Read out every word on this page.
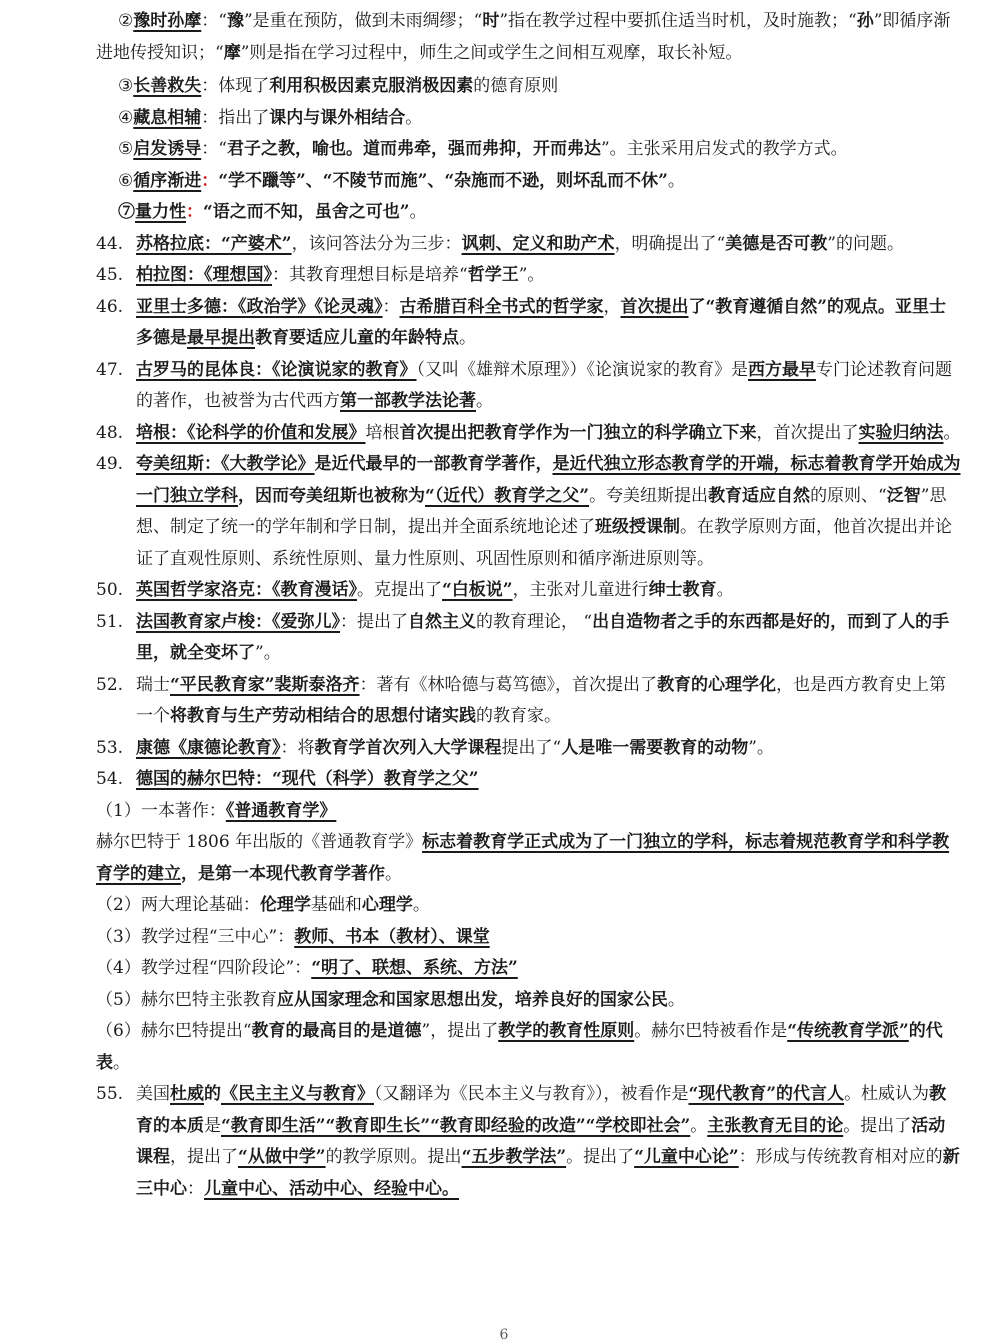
②豫时孙摩：“豫”是重在预防，做到未雨绸缪；“时”指在教学过程中要抓住适当时机，及时施教；“孙”即循序渐进地传授知识；“摩”则是指在学习过程中，师生之间或学生之间相互观摩，取长补短。

③长善救失：体现了利用积极因素克服消极因素的德育原则

④藏息相辅：指出了课内与课外相结合。

⑤启发诱导：“君子之教，喻也。道而弗牵，强而弗抑，开而弗达”。主张采用启发式的教学方式。

⑥循序渐进：“学不躐等”、“不陵节而施”、“杂施而不逊，则坏乱而不休”。

⑦量力性：“语之而不知，虽舍之可也”。

44. 苏格拉底：“产婆术”，该问答法分为三步：讽刺、定义和助产术，明确提出了“美德是否可教”的问题。

45. 柏拉图：《理想国》：其教育理想目标是培养“哲学王”。

46. 亚里士多德：《政治学》《论灵魂》：古希腊百科全书式的哲学家，首次提出了“教育遵循自然”的观点。亚里士多德是最早提出教育要适应儿童的年龄特点。

47. 古罗马的昆体良：《论演说家的教育》（又叫《雄辩术原理》）《论演说家的教育》是西方最早专门论述教育问题的著作，也被誉为古代西方第一部教学法论著。

48. 培根：《论科学的价值和发展》培根首次提出把教育学作为一门独立的科学确立下来，首次提出了实验归纳法。

49. 夸美纽斯：《大教学论》是近代最早的一部教育学著作，是近代独立形态教育学的开端，标志着教育学开始成为一门独立学科，因而夸美纽斯也被称为“（近代）教育学之父”。夸美纽斯提出教育适应自然的原则、“泛智”思想、制定了统一的学年制和学日制，提出并全面系统地论述了班级授课制。在教学原则方面，他首次提出并论证了直观性原则、系统性原则、量力性原则、巩固性原则和循序渐进原则等。

50. 英国哲学家洛克：《教育漫话》。克提出了“白板说”，主张对儿童进行绅士教育。

51. 法国教育家卢梭：《爱弥儿》：提出了自然主义的教育理论， “出自造物者之手的东西都是好的，而到了人的手里，就全变坏了”。

52. 瑞士“平民教育家”裴斯泰洛齐：著有《林哈德与葛笃德》，首次提出了教育的心理学化，也是西方教育史上第一个将教育与生产劳动相结合的思想付诸实践的教育家。

53. 康德《康德论教育》：将教育学首次列入大学课程提出了“人是唯一需要教育的动物”。

54. 德国的赫尔巴特：“现代（科学）教育学之父”

（1）一本著作：《普通教育学》

赫尔巴特于 1806 年出版的《普通教育学》标志着教育学正式成为了一门独立的学科，标志着规范教育学和科学教育学的建立，是第一本现代教育学著作。

（2）两大理论基础：伦理学基础和心理学。

（3）教学过程“三中心”：教师、书本（教材）、课堂

（4）教学过程“四阶段论”：“明了、联想、系统、方法”

（5）赫尔巴特主张教育应从国家理念和国家思想出发，培养良好的国家公民。

（6）赫尔巴特提出“教育的最高目的是道德”，提出了教学的教育性原则。赫尔巴特被看作是“传统教育学派”的代表。

55. 美国杜威的《民主主义与教育》（又翻译为《民本主义与教育》），被看作是“现代教育”的代言人。杜威认为教育的本质是“教育即生活”“教育即生长”“教育即经验的改造”“学校即社会”。主张教育无目的论。提出了活动课程，提出了“从做中学”的教学原则。提出“五步教学法”。提出了“儿童中心论”：形成与传统教育相对应的新三中心：儿童中心、活动中心、经验中心。

6
